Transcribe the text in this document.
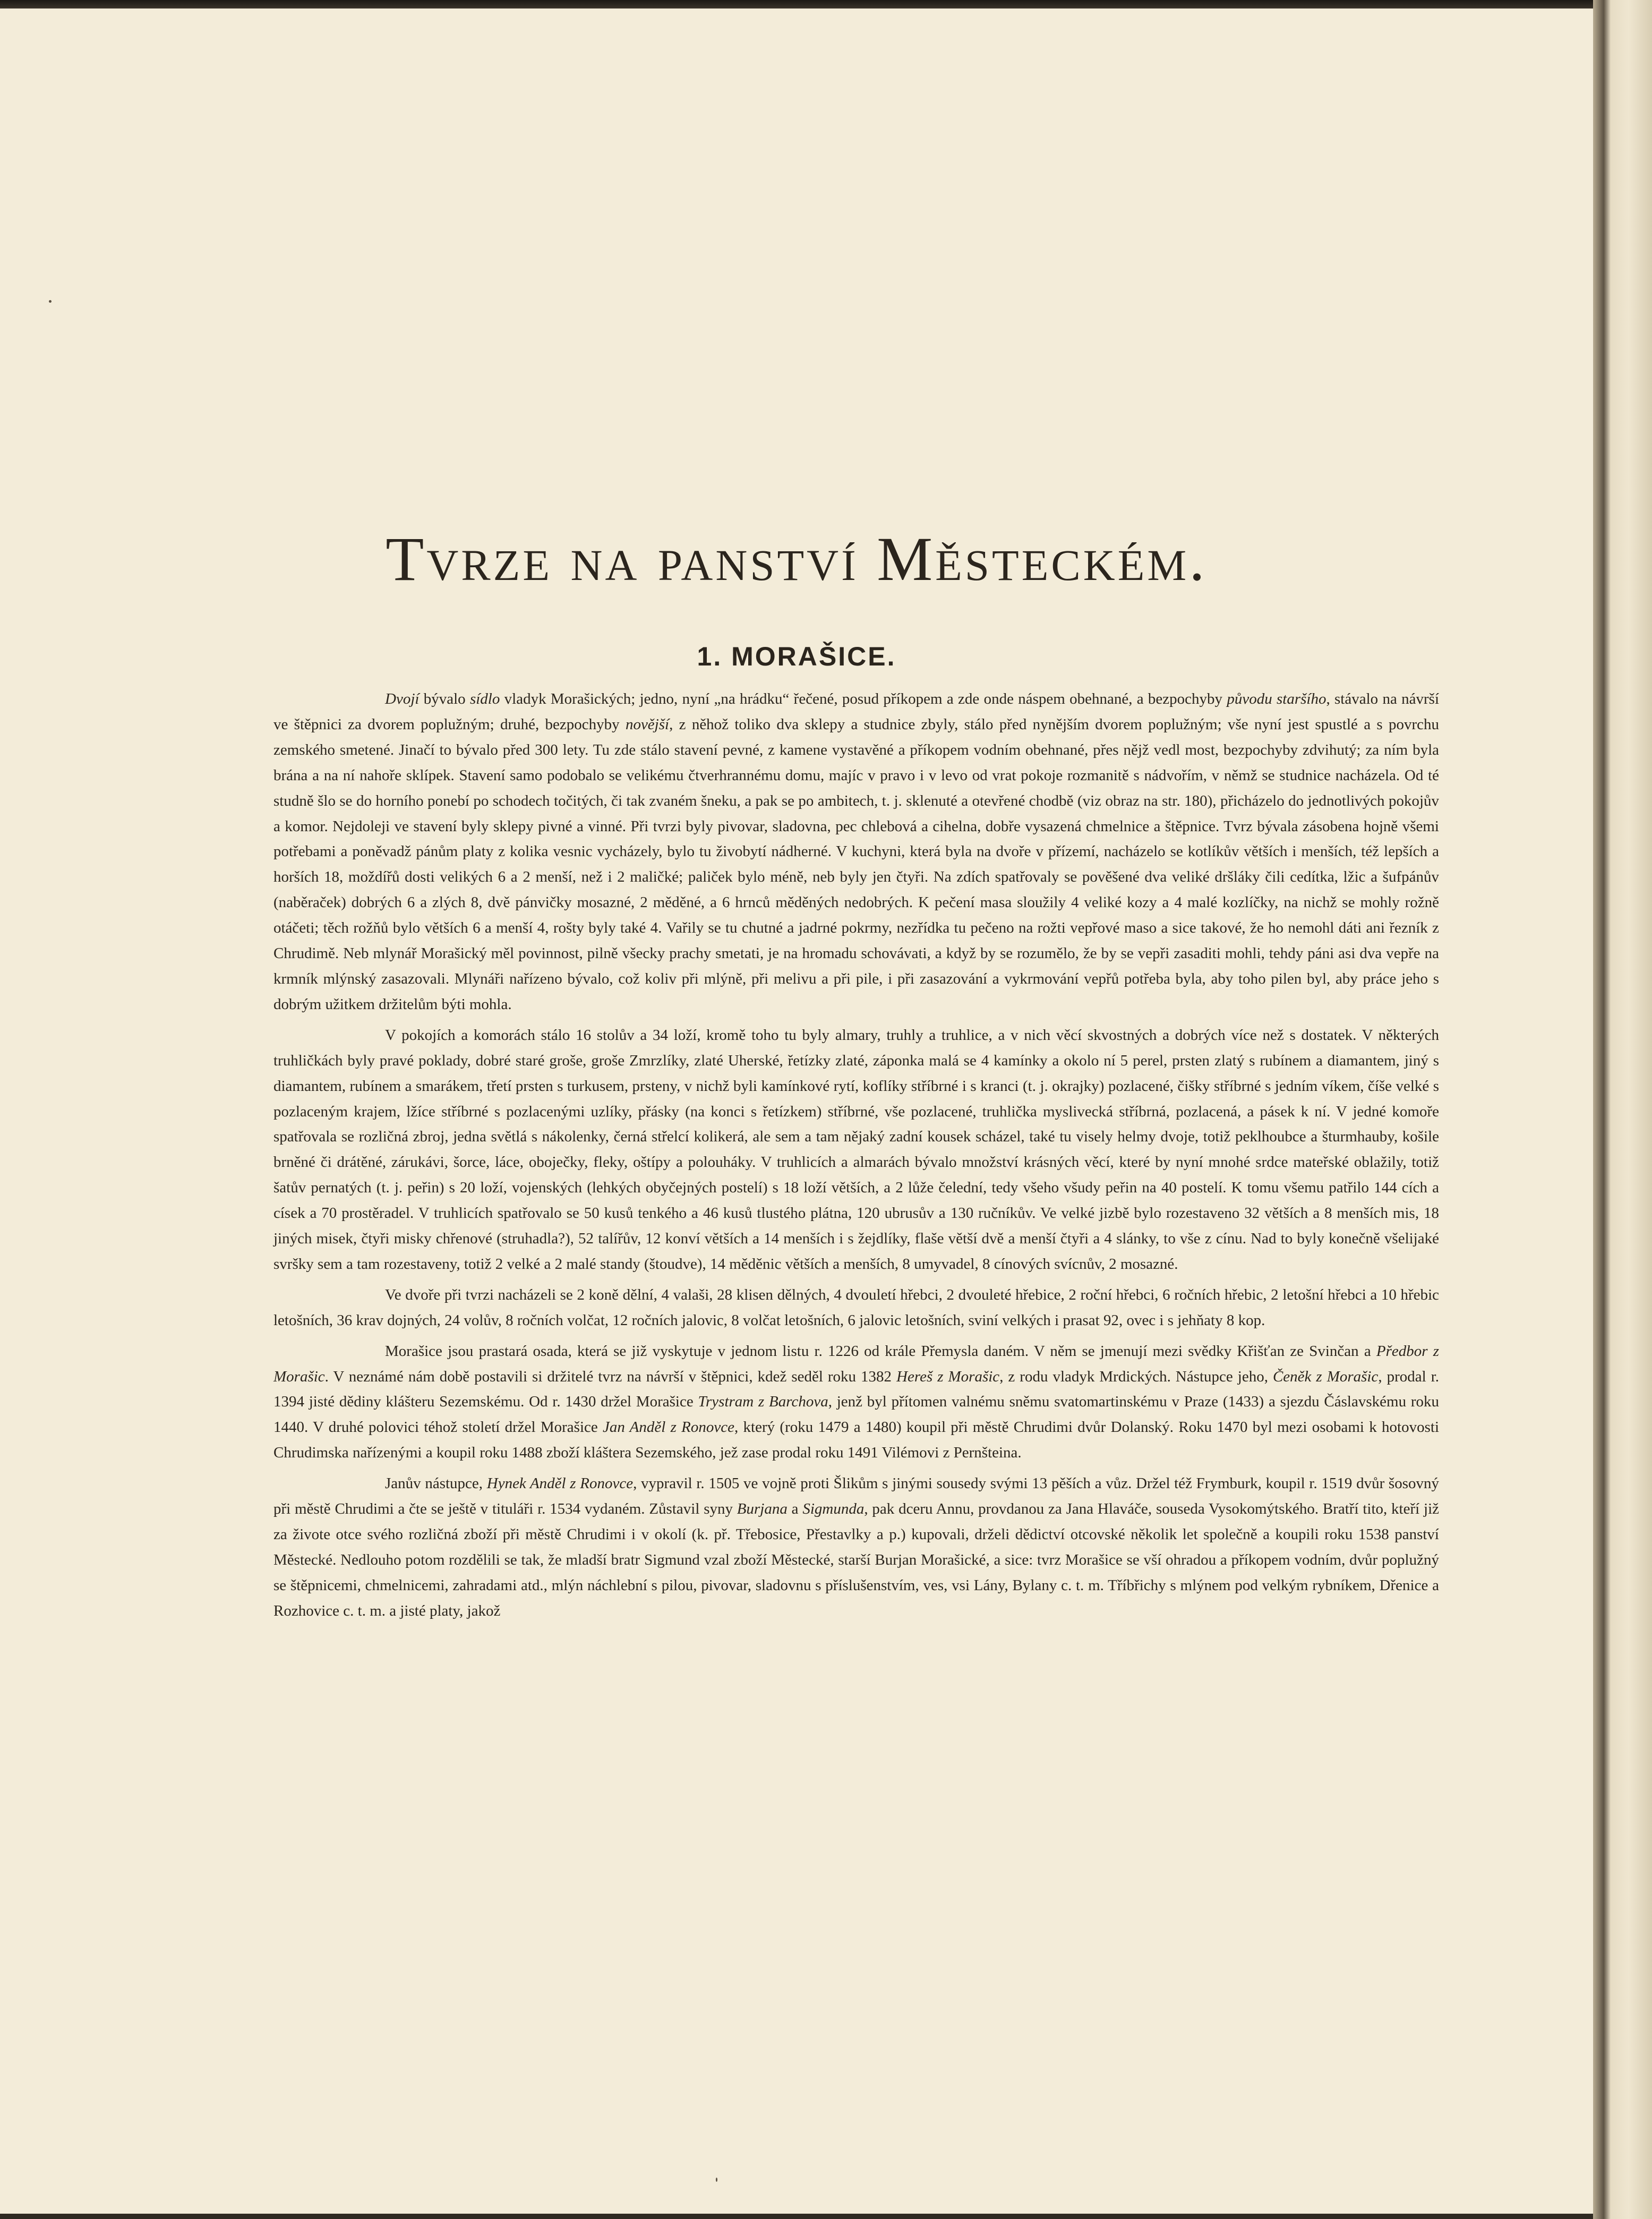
Tvrze na panství Městeckém.
1. MORAŠICE.

Dvojí bývalo sídlo vladyk Morašických; jedno, nyní „na hrádku“ řečené, posud příkopem a zde onde náspem obehnané, a bezpochyby původu staršího, stávalo na návrší ve štěpnici za dvorem poplužným; druhé, bezpochyby novější, z něhož toliko dva sklepy a studnice zbyly, stálo před nynějším dvorem poplužným; vše nyní jest spustlé a s povrchu zemského smetené. Jinačí to bývalo před 300 lety. Tu zde stálo stavení pevné, z kamene vystavěné a příkopem vodním obehnané, přes nějž vedl most, bezpochyby zdvihutý; za ním byla brána a na ní nahoře sklípek. Stavení samo podobalo se velikému čtverhrannému domu, majíc v pravo i v levo od vrat pokoje rozmanitě s nádvořím, v němž se studnice nacházela. Od té studně šlo se do horního ponebí po schodech točitých, či tak zvaném šneku, a pak se po ambitech, t. j. sklenuté a otevřené chodbě (viz obraz na str. 180), přicházelo do jednotlivých pokojův a komor. Nejdoleji ve stavení byly sklepy pivné a vinné. Při tvrzi byly pivovar, sladovna, pec chlebová a cihelna, dobře vysazená chmelnice a štěpnice. Tvrz bývala zásobena hojně všemi potřebami a poněvadž pánům platy z kolika vesnic vycházely, bylo tu živobytí nádherné. V kuchyni, která byla na dvoře v přízemí, nacházelo se kotlíkův větších i menších, též lepších a horších 18, moždířů dosti velikých 6 a 2 menší, než i 2 maličké; paliček bylo méně, neb byly jen čtyři. Na zdích spatřovaly se pověšené dva veliké dršláky čili cedítka, lžic a šufpánův (naběraček) dobrých 6 a zlých 8, dvě pánvičky mosazné, 2 měděné, a 6 hrnců měděných nedobrých. K pečení masa sloužily 4 veliké kozy a 4 malé kozlíčky, na nichž se mohly rožně otáčeti; těch rožňů bylo větších 6 a menší 4, rošty byly také 4. Vařily se tu chutné a jadrné pokrmy, nezřídka tu pečeno na rožti vepřové maso a sice takové, že ho nemohl dáti ani řezník z Chrudimě. Neb mlynář Morašický měl povinnost, pilně všecky prachy smetati, je na hromadu schovávati, a když by se rozumělo, že by se vepři zasaditi mohli, tehdy páni asi dva vepře na krmník mlýnský zasazovali. Mlynáři nařízeno bývalo, což koliv při mlýně, při melivu a při pile, i při zasazování a vykrmování vepřů potřeba byla, aby toho pilen byl, aby práce jeho s dobrým užitkem držitelům býti mohla.

V pokojích a komorách stálo 16 stolův a 34 loží, kromě toho tu byly almary, truhly a truhlice, a v nich věcí skvostných a dobrých více než s dostatek. V některých truhličkách byly pravé poklady, dobré staré groše, groše Zmrzlíky, zlaté Uherské, řetízky zlaté, záponka malá se 4 kamínky a okolo ní 5 perel, prsten zlatý s rubínem a diamantem, jiný s diamantem, rubínem a smarákem, třetí prsten s turkusem, prsteny, v nichž byli kamínkové rytí, koflíky stříbrné i s kranci (t. j. okrajky) pozlacené, čišky stříbrné s jedním víkem, číše velké s pozlaceným krajem, lžíce stříbrné s pozlacenými uzlíky, přásky (na konci s řetízkem) stříbrné, vše pozlacené, truhlička myslivecká stříbrná, pozlacená, a pásek k ní. V jedné komoře spatřovala se rozličná zbroj, jedna světlá s nákolenky, černá střelcí kolikerá, ale sem a tam nějaký zadní kousek scházel, také tu visely helmy dvoje, totiž peklhoubce a šturmhauby, košile brněné či drátěné, zárukávi, šorce, láce, oboječky, fleky, oštípy a polouháky. V truhlicích a almarách bývalo množství krásných věcí, které by nyní mnohé srdce mateřské oblažily, totiž šatův pernatých (t. j. peřin) s 20 loží, vojenských (lehkých obyčejných postelí) s 18 loží větších, a 2 lůže čelední, tedy všeho všudy peřin na 40 postelí. K tomu všemu patřilo 144 cích a císek a 70 prostěradel. V truhlicích spatřovalo se 50 kusů tenkého a 46 kusů tlustého plátna, 120 ubrusův a 130 ručníkův. Ve velké jizbě bylo rozestaveno 32 větších a 8 menších mis, 18 jiných misek, čtyři misky chřenové (struhadla?), 52 talířův, 12 konví větších a 14 menších i s žejdlíky, flaše větší dvě a menší čtyři a 4 slánky, to vše z cínu. Nad to byly konečně všelijaké svršky sem a tam rozestaveny, totiž 2 velké a 2 malé standy (štoudve), 14 měděnic větších a menších, 8 umyvadel, 8 cínových svícnův, 2 mosazné.

Ve dvoře při tvrzi nacházeli se 2 koně dělní, 4 valaši, 28 klisen dělných, 4 dvouletí hřebci, 2 dvouleté hřebice, 2 roční hřebci, 6 ročních hřebic, 2 letošní hřebci a 10 hřebic letošních, 36 krav dojných, 24 volův, 8 ročních volčat, 12 ročních jalovic, 8 volčat letošních, 6 jalovic letošních, sviní velkých i prasat 92, ovec i s jehňaty 8 kop.

Morašice jsou prastará osada, která se již vyskytuje v jednom listu r. 1226 od krále Přemysla daném. V něm se jmenují mezi svědky Křišťan ze Svinčan a Předbor z Morašic. V neznámé nám době postavili si držitelé tvrz na návrší v štěpnici, kdež seděl roku 1382 Hereš z Morašic, z rodu vladyk Mrdických. Nástupce jeho, Čeněk z Morašic, prodal r. 1394 jisté dědiny klášteru Sezemskému. Od r. 1430 držel Morašice Trystram z Barchova, jenž byl přítomen valnému sněmu svatomartinskému v Praze (1433) a sjezdu Čáslavskému roku 1440. V druhé polovici téhož století držel Morašice Jan Anděl z Ronovce, který (roku 1479 a 1480) koupil při městě Chrudimi dvůr Dolanský. Roku 1470 byl mezi osobami k hotovosti Chrudimska nařízenými a koupil roku 1488 zboží kláštera Sezemského, jež zase prodal roku 1491 Vilémovi z Pernšteina.

Janův nástupce, Hynek Anděl z Ronovce, vypravil r. 1505 ve vojně proti Šlikům s jinými sousedy svými 13 pěších a vůz. Držel též Frymburk, koupil r. 1519 dvůr šosovný při městě Chrudimi a čte se ještě v tituláři r. 1534 vydaném. Zůstavil syny Burjana a Sigmunda, pak dceru Annu, provdanou za Jana Hlaváče, souseda Vysokomýtského. Bratří tito, kteří již za živote otce svého rozličná zboží při městě Chrudimi i v okolí (k. př. Třebosice, Přestavlky a p.) kupovali, drželi dědictví otcovské několik let společně a koupili roku 1538 panství Městecké. Nedlouho potom rozdělili se tak, že mladší bratr Sigmund vzal zboží Městecké, starší Burjan Morašické, a sice: tvrz Morašice se vší ohradou a příkopem vodním, dvůr poplužný se štěpnicemi, chmelnicemi, zahradami atd., mlýn náchlební s pilou, pivovar, sladovnu s příslušenstvím, ves, vsi Lány, Bylany c. t. m. Tříbřichy s mlýnem pod velkým rybníkem, Dřenice a Rozhovice c. t. m. a jisté platy, jakož
